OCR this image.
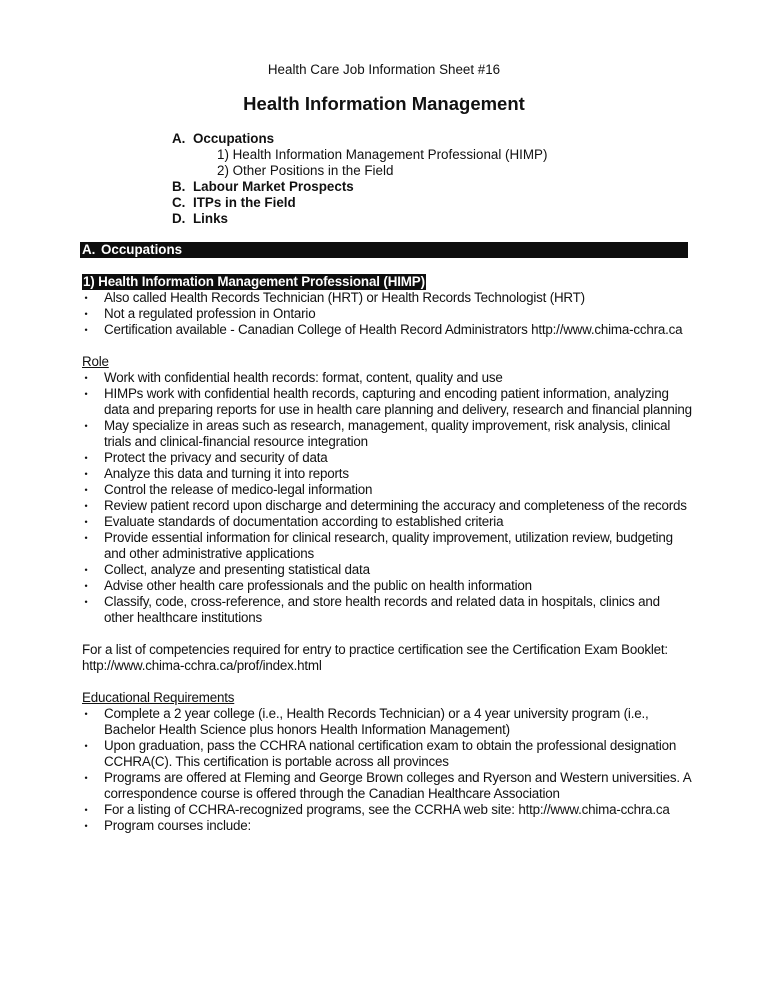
Health Care Job Information Sheet #16
Health Information Management
A. Occupations
1) Health Information Management Professional (HIMP)
2) Other Positions in the Field
B. Labour Market Prospects
C. ITPs in the Field
D. Links
A. Occupations
1) Health Information Management Professional (HIMP)
• Also called Health Records Technician (HRT) or Health Records Technologist (HRT)
• Not a regulated profession in Ontario
• Certification available - Canadian College of Health Record Administrators http://www.chima-cchra.ca
Role
• Work with confidential health records: format, content, quality and use
• HIMPs work with confidential health records, capturing and encoding patient information, analyzing data and preparing reports for use in health care planning and delivery, research and financial planning
• May specialize in areas such as research, management, quality improvement, risk analysis, clinical trials and clinical-financial resource integration
• Protect the privacy and security of data
• Analyze this data and turning it into reports
• Control the release of medico-legal information
• Review patient record upon discharge and determining the accuracy and completeness of the records
• Evaluate standards of documentation according to established criteria
• Provide essential information for clinical research, quality improvement, utilization review, budgeting and other administrative applications
• Collect, analyze and presenting statistical data
• Advise other health care professionals and the public on health information
• Classify, code, cross-reference, and store health records and related data in hospitals, clinics and other healthcare institutions
For a list of competencies required for entry to practice certification see the Certification Exam Booklet: http://www.chima-cchra.ca/prof/index.html
Educational Requirements
• Complete a 2 year college (i.e., Health Records Technician) or a 4 year university program (i.e., Bachelor Health Science plus honors Health Information Management)
• Upon graduation, pass the CCHRA national certification exam to obtain the professional designation CCHRA(C). This certification is portable across all provinces
• Programs are offered at Fleming and George Brown colleges and Ryerson and Western universities. A correspondence course is offered through the Canadian Healthcare Association
• For a listing of CCHRA-recognized programs, see the CCRHA web site: http://www.chima-cchra.ca
• Program courses include:
